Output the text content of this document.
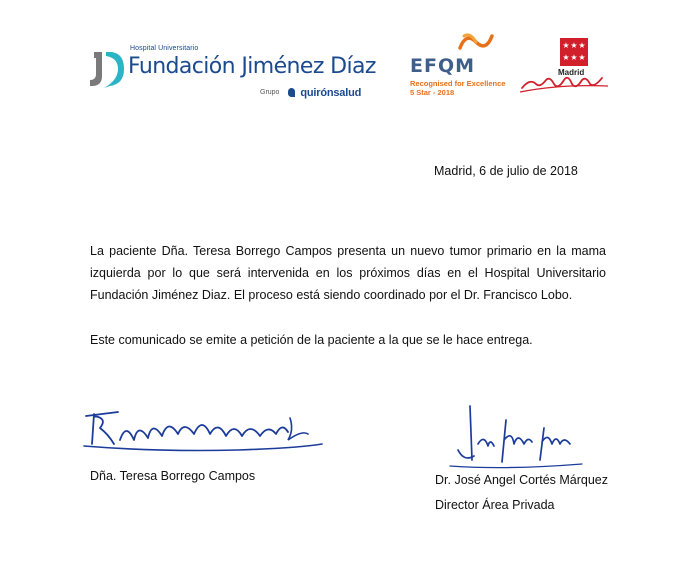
Hospital Universitario
Fundación Jiménez Díaz
Grupo quirónsalud
EFQM
Recognised for Excellence
5 Star - 2018
★ ★ ★
★ ★ ★
Madrid
Madrid, 6 de julio de 2018

La paciente Dña. Teresa Borrego Campos presenta un nuevo tumor primario en la mama izquierda por lo que será intervenida en los próximos días en el Hospital Universitario Fundación Jiménez Diaz. El proceso está siendo coordinado por el Dr. Francisco Lobo.

Este comunicado se emite a petición de la paciente a la que se le hace entrega.

Dña. Teresa Borrego Campos	Dr. José Angel Cortés Márquez
Director Área Privada
